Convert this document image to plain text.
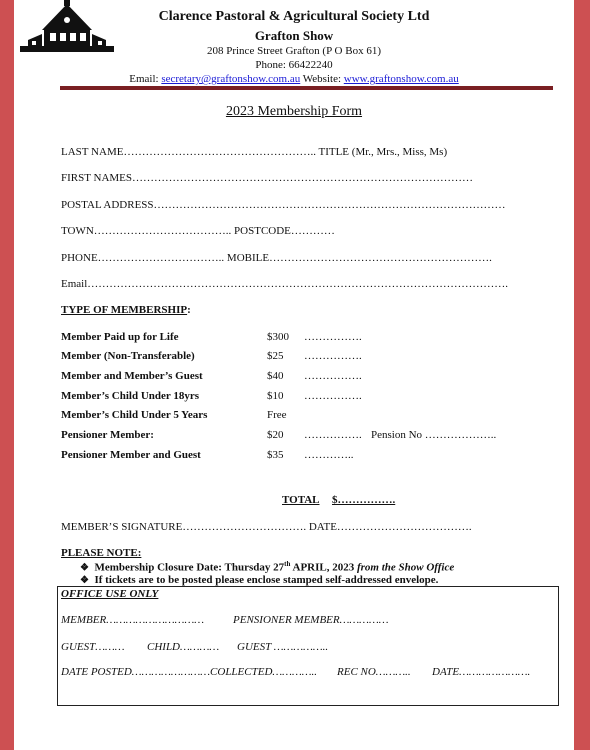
Clarence Pastoral & Agricultural Society Ltd
Grafton Show
208 Prince Street Grafton (P O Box 61)
Phone: 66422240
Email: secretary@graftonshow.com.au Website: www.graftonshow.com.au
2023 Membership Form
LAST NAME…………………………………………….. TITLE (Mr., Mrs., Miss, Ms)
FIRST NAMES…………………………………………………………………………………
POSTAL ADDRESS……………………………………………………………………………………
TOWN……………………………….. POSTCODE…………
PHONE…………………………….. MOBILE…………………………………………………….
Email…………………………………………………………………………………………………….
TYPE OF MEMBERSHIP:
Member Paid up for Life	$300 …………….
Member (Non-Transferable)	$25 …………….
Member and Member’s Guest	$40 …………….
Member’s Child Under 18yrs	$10 …………….
Member’s Child Under 5 Years	Free
Pensioner Member:	$20 ……………. Pension No ………………..
Pensioner Member and Guest	$35 …………..
TOTAL $…………….
MEMBER’S SIGNATURE……………………………. DATE……………………………….
PLEASE NOTE:
❖ Membership Closure Date: Thursday 27th APRIL, 2023 from the Show Office
❖ If tickets are to be posted please enclose stamped self-addressed envelope.
OFFICE USE ONLY
MEMBER…………………………	PENSIONER MEMBER……………
GUEST……… CHILD………… GUEST ……………..
DATE POSTED……………………COLLECTED………….. REC NO……….. DATE………………….
